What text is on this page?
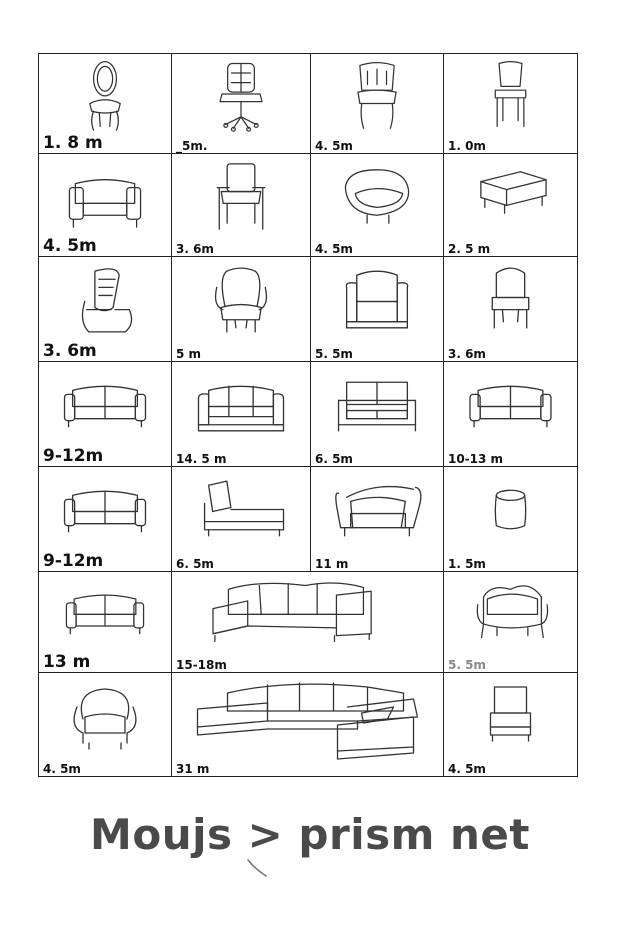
1. 8 m	_5m.	4. 5m	1. 0m
4. 5m	3. 6m	4. 5m	2. 5 m
3. 6m	5 m	5. 5m	3. 6m
9-12m	14. 5 m	6. 5m	10-13 m
9-12m	6. 5m	11 m	1. 5m
13 m	15-18m	5. 5m
4. 5m	31 m	4. 5m
Moujs > prism net
